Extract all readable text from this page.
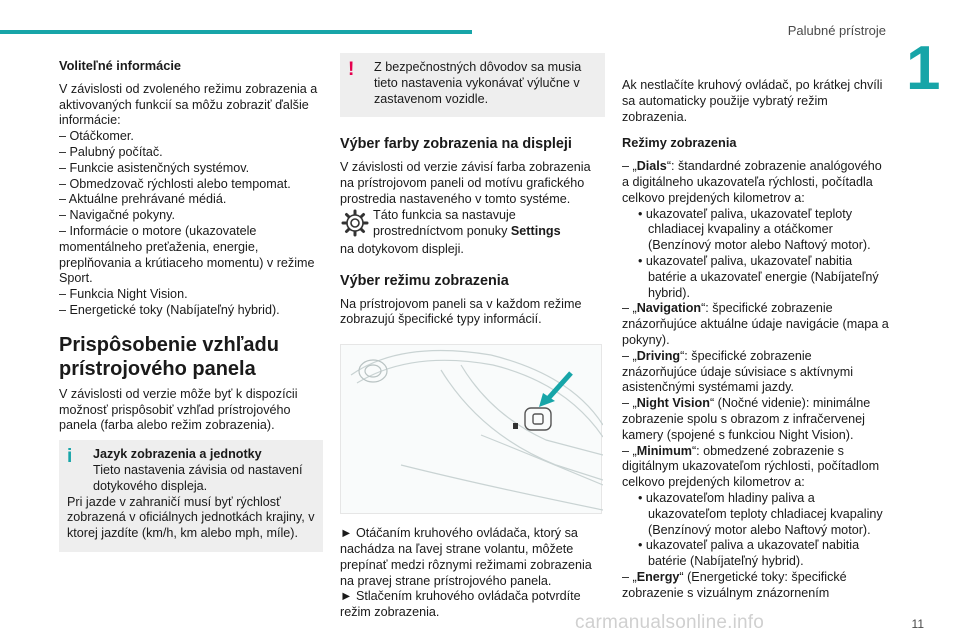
Palubné prístroje
1
Voliteľné informácie

V závislosti od zvoleného režimu zobrazenia a aktivovaných funkcií sa môžu zobraziť ďalšie informácie:

– Otáčkomer.
– Palubný počítač.
– Funkcie asistenčných systémov.
– Obmedzovač rýchlosti alebo tempomat.
– Aktuálne prehrávané médiá.
– Navigačné pokyny.
– Informácie o motore (ukazovatele momentálneho preťaženia, energie, preplňovania a krútiaceho momentu) v režime Sport.
– Funkcia Night Vision.
– Energetické toky (Nabíjateľný hybrid).
Prispôsobenie vzhľadu prístrojového panela

V závislosti od verzie môže byť k dispozícii možnosť prispôsobiť vzhľad prístrojového panela (farba alebo režim zobrazenia).

i	Jazyk zobrazenia a jednotky
Tieto nastavenia závisia od nastavení dotykového displeja.
Pri jazde v zahraničí musí byť rýchlosť zobrazená v oficiálnych jednotkách krajiny, v ktorej jazdíte (km/h, km alebo mph, míle).
!	Z bezpečnostných dôvodov sa musia tieto nastavenia vykonávať výlučne v zastavenom vozidle.
Výber farby zobrazenia na displeji

V závislosti od verzie závisí farba zobrazenia na prístrojovom paneli od motívu grafického prostredia nastaveného v tomto systéme.

Táto funkcia sa nastavuje prostredníctvom ponuky Settings

na dotykovom displeji.

Výber režimu zobrazenia

Na prístrojovom paneli sa v každom režime zobrazujú špecifické typy informácií.

► Otáčaním kruhového ovládača, ktorý sa nachádza na ľavej strane volantu, môžete prepínať medzi rôznymi režimami zobrazenia na pravej strane prístrojového panela.

► Stlačením kruhového ovládača potvrdíte režim zobrazenia.

Ak nestlačíte kruhový ovládač, po krátkej chvíli sa automaticky použije vybratý režim zobrazenia.

Režimy zobrazenia

– „Dials“: štandardné zobrazenie analógového a digitálneho ukazovateľa rýchlosti, počítadla celkovo prejdených kilometrov a:

• ukazovateľ paliva, ukazovateľ teploty chladiacej kvapaliny a otáčkomer (Benzínový motor alebo Naftový motor).
• ukazovateľ paliva, ukazovateľ nabitia batérie a ukazovateľ energie (Nabíjateľný hybrid).

– „Navigation“: špecifické zobrazenie znázorňujúce aktuálne údaje navigácie (mapa a pokyny).

– „Driving“: špecifické zobrazenie znázorňujúce údaje súvisiace s aktívnymi asistenčnými systémami jazdy.

– „Night Vision“ (Nočné videnie): minimálne zobrazenie spolu s obrazom z infračervenej kamery (spojené s funkciou Night Vision).

– „Minimum“: obmedzené zobrazenie s digitálnym ukazovateľom rýchlosti, počítadlom celkovo prejdených kilometrov a:

• ukazovateľom hladiny paliva a ukazovateľom teploty chladiacej kvapaliny (Benzínový motor alebo Naftový motor).
• ukazovateľ paliva a ukazovateľ nabitia batérie (Nabíjateľný hybrid).

– „Energy“ (Energetické toky: špecifické zobrazenie s vizuálnym znázornením

carmanualsonline.info	11
